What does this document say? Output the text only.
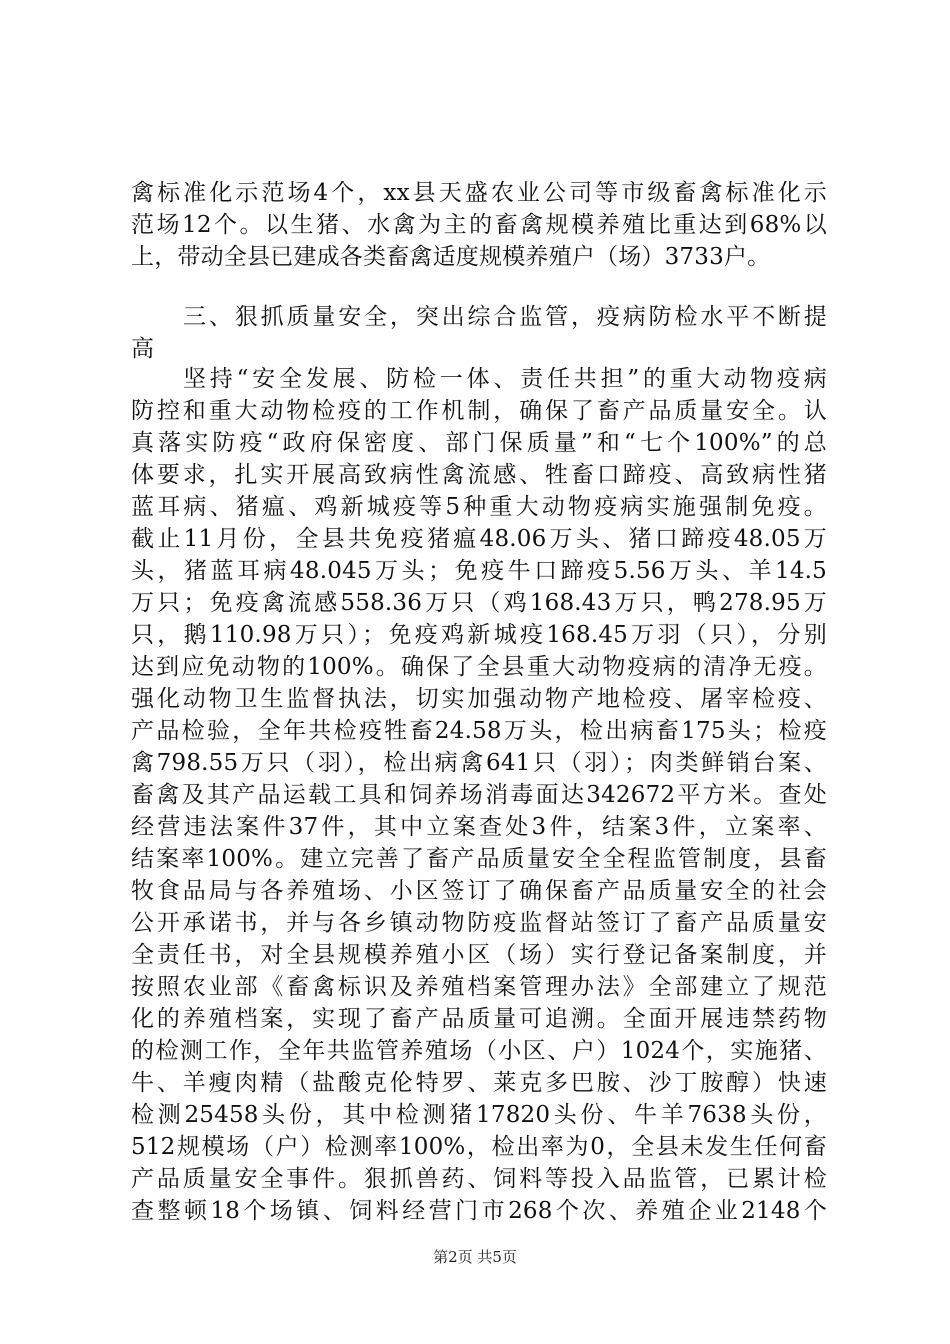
禽标准化示范场4个，xx县天盛农业公司等市级畜禽标准化示
范场12个。以生猪、水禽为主的畜禽规模养殖比重达到68%以
上，带动全县已建成各类畜禽适度规模养殖户（场）3733户。
三、狠抓质量安全，突出综合监管，疫病防检水平不断提
高
坚持“安全发展、防检一体、责任共担”的重大动物疫病
防控和重大动物检疫的工作机制，确保了畜产品质量安全。认
真落实防疫“政府保密度、部门保质量”和“七个100%”的总
体要求，扎实开展高致病性禽流感、牲畜口蹄疫、高致病性猪
蓝耳病、猪瘟、鸡新城疫等5种重大动物疫病实施强制免疫。
截止11月份，全县共免疫猪瘟48.06万头、猪口蹄疫48.05万
头，猪蓝耳病48.045万头；免疫牛口蹄疫5.56万头、羊14.5
万只；免疫禽流感558.36万只（鸡168.43万只，鸭278.95万
只，鹅110.98万只）；免疫鸡新城疫168.45万羽（只），分别
达到应免动物的100%。确保了全县重大动物疫病的清净无疫。
强化动物卫生监督执法，切实加强动物产地检疫、屠宰检疫、
产品检验，全年共检疫牲畜24.58万头，检出病畜175头；检疫
禽798.55万只（羽），检出病禽641只（羽）；肉类鲜销台案、
畜禽及其产品运载工具和饲养场消毒面达342672平方米。查处
经营违法案件37件，其中立案查处3件，结案3件，立案率、
结案率100%。建立完善了畜产品质量安全全程监管制度，县畜
牧食品局与各养殖场、小区签订了确保畜产品质量安全的社会
公开承诺书，并与各乡镇动物防疫监督站签订了畜产品质量安
全责任书，对全县规模养殖小区（场）实行登记备案制度，并
按照农业部《畜禽标识及养殖档案管理办法》全部建立了规范
化的养殖档案，实现了畜产品质量可追溯。全面开展违禁药物
的检测工作，全年共监管养殖场（小区、户）1024个，实施猪、
牛、羊瘦肉精（盐酸克伦特罗、莱克多巴胺、沙丁胺醇）快速
检测25458头份，其中检测猪17820头份、牛羊7638头份，
512规模场（户）检测率100%，检出率为0，全县未发生任何畜
产品质量安全事件。狠抓兽药、饲料等投入品监管，已累计检
查整顿18个场镇、饲料经营门市268个次、养殖企业2148个
第2页 共5页
